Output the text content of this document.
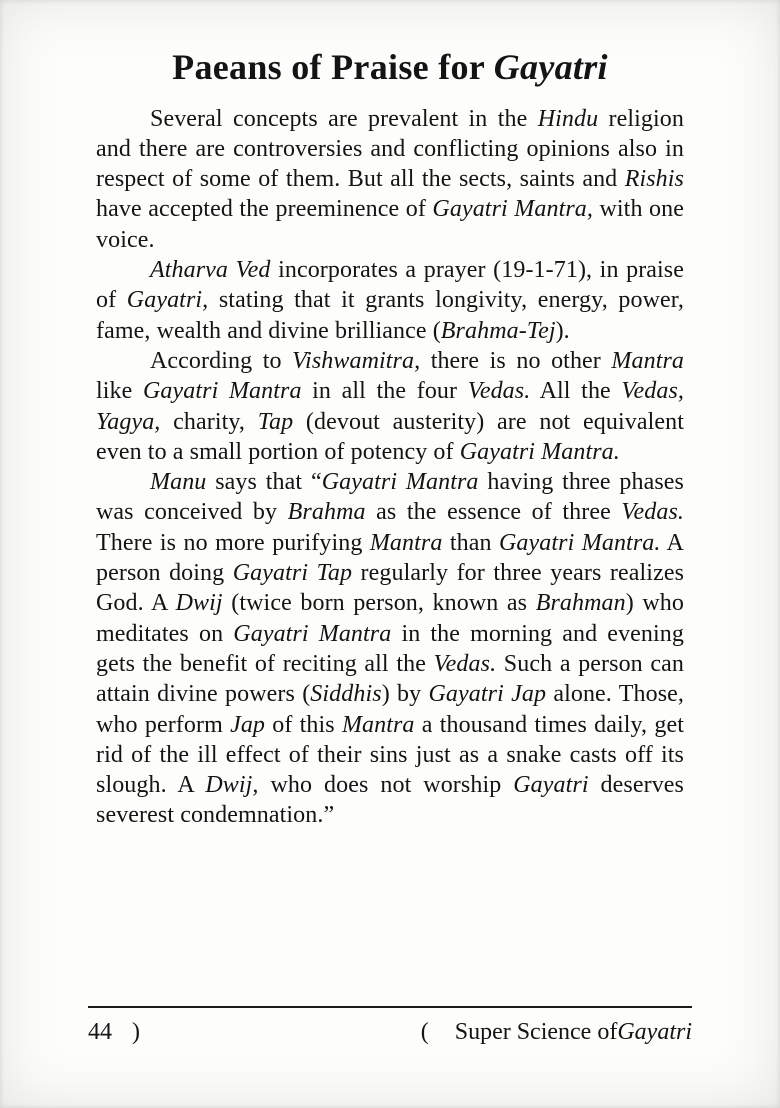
Paeans of Praise for Gayatri

Several concepts are prevalent in the Hindu religion and there are controversies and conflicting opinions also in respect of some of them. But all the sects, saints and Rishis have accepted the preeminence of Gayatri Mantra, with one voice.

Atharva Ved incorporates a prayer (19-1-71), in praise of Gayatri, stating that it grants longivity, energy, power, fame, wealth and divine brilliance (Brahma-Tej).

According to Vishwamitra, there is no other Mantra like Gayatri Mantra in all the four Vedas. All the Vedas, Yagya, charity, Tap (devout austerity) are not equivalent even to a small portion of potency of Gayatri Mantra.

Manu says that “Gayatri Mantra having three phases was conceived by Brahma as the essence of three Vedas. There is no more purifying Mantra than Gayatri Mantra. A person doing Gayatri Tap regularly for three years realizes God. A Dwij (twice born person, known as Brahman) who meditates on Gayatri Mantra in the morning and evening gets the benefit of reciting all the Vedas. Such a person can attain divine powers (Siddhis) by Gayatri Jap alone. Those, who perform Jap of this Mantra a thousand times daily, get rid of the ill effect of their sins just as a snake casts off its slough. A Dwij, who does not worship Gayatri deserves severest condemnation.”

44 )	( Super Science of Gayatri
